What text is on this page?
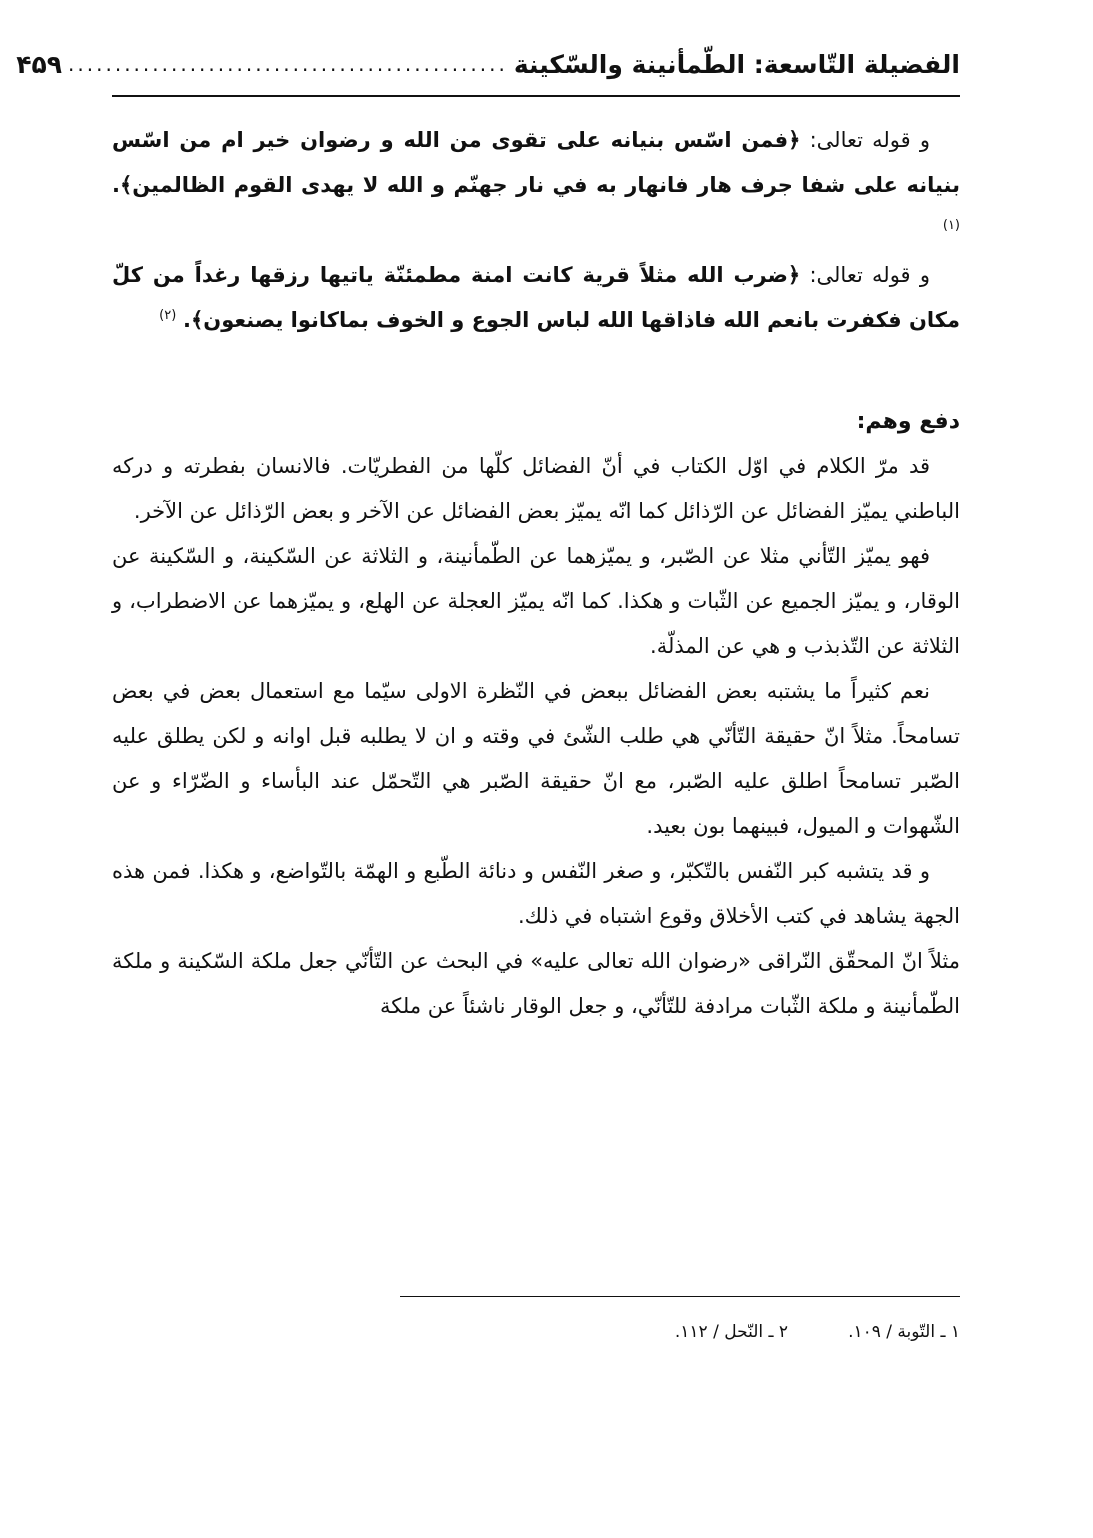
الفضيلة التّاسعة: الطّمأنينة والسّكينة
...............................................
۴۵۹

و قوله تعالى: ﴿فمن اسّس بنيانه على تقوى من الله و رضوان خير ام من اسّس بنيانه على شفا جرف هار فانهار به في نار جهنّم و الله لا يهدى القوم الظالمين﴾. $^{(۱)}$

و قوله تعالى: ﴿ضرب الله مثلاً قرية كانت امنة مطمئنّة ياتيها رزقها رغداً من كلّ مكان فكفرت بانعم الله فاذاقها الله لباس الجوع و الخوف بماكانوا يصنعون﴾. $^{(۲)}$

دفع وهم:

قد مرّ الكلام في اوّل الكتاب في أنّ الفضائل كلّها من الفطريّات. فالانسان بفطرته و دركه الباطني يميّز الفضائل عن الرّذائل كما انّه يميّز بعض الفضائل عن الآخر و بعض الرّذائل عن الآخر.

فهو يميّز التّأني مثلا عن الصّبر، و يميّزهما عن الطّمأنينة، و الثلاثة عن السّكينة، و السّكينة عن الوقار، و يميّز الجميع عن الثّبات و هكذا. كما انّه يميّز العجلة عن الهلع، و يميّزهما عن الاضطراب، و الثلاثة عن التّذبذب و هي عن المذلّة.

نعم كثيراً ما يشتبه بعض الفضائل ببعض في النّظرة الاولى سيّما مع استعمال بعض في بعض تسامحاً. مثلاً انّ حقيقة التّأنّي هي طلب الشّئ في وقته و ان لا يطلبه قبل اوانه و لكن يطلق عليه الصّبر تسامحاً اطلق عليه الصّبر، مع انّ حقيقة الصّبر هي التّحمّل عند البأساء و الضّرّاء و عن الشّهوات و الميول، فبينهما بون بعيد.

و قد يتشبه كبر النّفس بالتّكبّر، و صغر النّفس و دنائة الطّبع و الهمّة بالتّواضع، و هكذا. فمن هذه الجهة يشاهد في كتب الأخلاق وقوع اشتباه في ذلك.

مثلاً انّ المحقّق النّراقى «رضوان الله تعالى عليه» في البحث عن التّأنّي جعل ملكة السّكينة و ملكة الطّمأنينة و ملكة الثّبات مرادفة للتّأنّي، و جعل الوقار ناشئاً عن ملكة

۱ ـ التّوبة / ۱۰۹.
۲ ـ النّحل / ۱۱۲.
